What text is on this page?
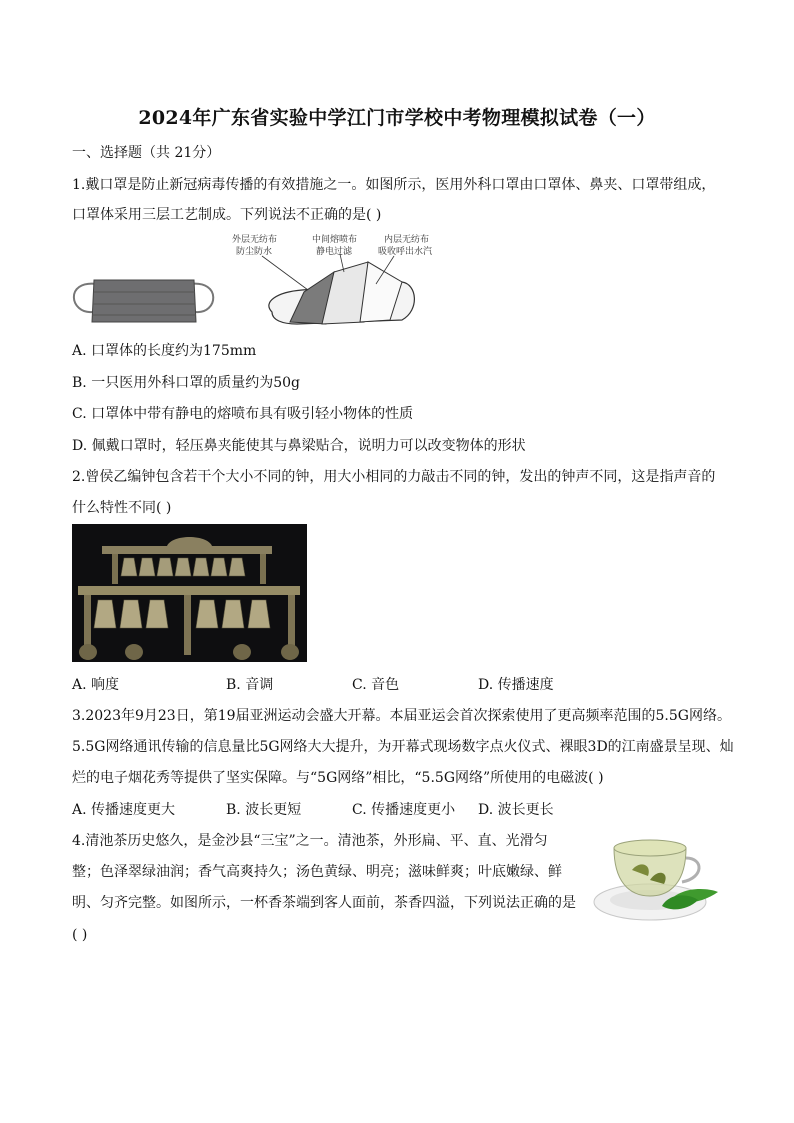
2024年广东省实验中学江门市学校中考物理模拟试卷（一）
一、选择题（共 21分）
1.戴口罩是防止新冠病毒传播的有效措施之一。如图所示，医用外科口罩由口罩体、鼻夹、口罩带组成，
口罩体采用三层工艺制成。下列说法不正确的是( )
外层无纺布
防尘防水
中间熔喷布
静电过滤
内层无纺布
吸收呼出水汽
A. 口罩体的长度约为175mm
B. 一只医用外科口罩的质量约为50g
C. 口罩体中带有静电的熔喷布具有吸引轻小物体的性质
D. 佩戴口罩时，轻压鼻夹能使其与鼻梁贴合，说明力可以改变物体的形状
2.曾侯乙编钟包含若干个大小不同的钟，用大小相同的力敲击不同的钟，发出的钟声不同，这是指声音的
什么特性不同( )
A. 响度	B. 音调	C. 音色	D. 传播速度
3.2023年9月23日，第19届亚洲运动会盛大开幕。本届亚运会首次探索使用了更高频率范围的5.5G网络。
5.5G网络通讯传输的信息量比5G网络大大提升，为开幕式现场数字点火仪式、裸眼3D的江南盛景呈现、灿
烂的电子烟花秀等提供了坚实保障。与“5G网络”相比，“5.5G网络”所使用的电磁波( )
A. 传播速度更大	B. 波长更短	C. 传播速度更小 D. 波长更长
4.清池茶历史悠久，是金沙县“三宝”之一。清池茶，外形扁、平、直、光滑匀
整；色泽翠绿油润；香气高爽持久；汤色黄绿、明亮；滋味鲜爽；叶底嫩绿、鲜
明、匀齐完整。如图所示，一杯香茶端到客人面前，茶香四溢，下列说法正确的是
( )
